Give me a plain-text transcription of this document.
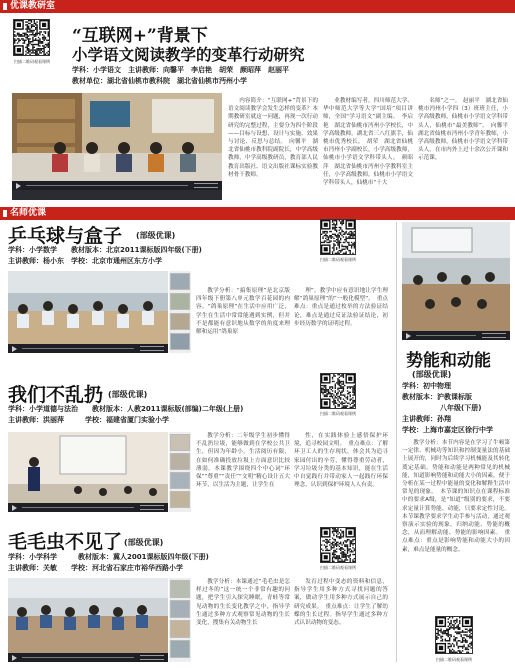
优课教研室
扫描二维码观看课例
“互联网+”背景下
小学语文阅读教学的变革行动研究
学科：小学语文　主讲教师：向馨平　李启艳　胡荣　颜昭萍　赵丽平
教材单位：湖北省仙桃市教科院　湖北省仙桃市沔州小学

内容简介：“互联网+”背景下的语文阅读教学会发生怎样的变革？本期教研室就这一问题，再现一次行动研究的完整过程，主要分为四个阶段——目标与设想、设计与实施、效果与讨论、反思与总结。　向馨平　湖北省仙桃市教科院副院长，中学高级教师，中学高级教研员，教育部人民教育出版社、语文出版社课标实验教材骨干教师。

业教材编写者，四川师范大学、华中师范大学等大学“国培”项目讲师，全国“学习语文”副主编。　李启艳　湖北省仙桃市沔州小学校长，中学高级教师。湖北省三八红旗手，仙桃市优秀校长。　胡荣　湖北省仙桃市沔州小学副校长，小学高级教师，仙桃市小学语文学科带头人。　颜昭萍　湖北省仙桃市沔州小学教科室主任，小学高级教师，仙桃市小学语文学科带头人，仙桃市“十大

名师”之一。　赵丽平　湖北省仙桃市沔州小学四（3）班班主任，小学高级教师，仙桃市小学语文学科带头人，仙桃市“最美教师”。　向馨平　湖北省仙桃市沔州小学青年教师，小学高级教师，仙桃市小学语文学科带头人，在市内外上过十余次公开课和示范课。

名师优课
乒乓球与盒子 (部级优课)
学科：小学数学　　教材版本：北京2011课标版四年级(下册)
主讲教师：杨小东　学校：北京市通州区东方小学	扫描二维码观看课例

教学分析：“搞集原理”是北京版四年级下册第八单元数学百花园的内容。“鸽巢原理”在生活中应用广泛，学生在生活中常常能遇到实例，但并不是都能有意识地从数学的角度来理解和运用“鸽巢原

理”。教学中应有意识地让学生理解“鸽巢原理”的“一般化模型”。　重点难点：重点是通过枚举的方法验证结论，难点是通过反证法验证结论，初步经历数学的证明过程。

我们不乱扔 (部级优课)
学科：小学道德与法治　　教材版本：人教2011课标版(部编)二年级(上册)
主讲教师：洪丽萍　　　学校：福建省厦门实验小学
扫描二维码观看课例

教学分析：二年级学生初步懂得不乱扔垃圾，能够做到在学校公共卫生，但因为年龄小，生活阅历有限，在如何准确投放垃圾上方面意识比较薄弱。本课教学围绕四个中心词“环保”“尊重”“责任”“文明”精心设计五大环节，以生活为主题，让学生在

性，在实践体验上感悟保护环境，追寻校园文明。　重点难点：了解环卫工人的生存现状，体会其为追寻家园付出的辛劳，懂得尊重劳动者，学习垃圾分类的基本知识，能在生活中自觉践行并带动家人一起践行环保理念，认识到保护环境人人有责。

毛毛虫不见了 (部级优课)
学科：小学科学　　　教材版本：冀人2001课标版四年级(下册)
主讲教师：关敏　　学校：河北省石家庄市裕华西路小学	扫描二维码观看课例

教学分析：本课通过“毛毛虫是怎样过冬的”这一统一个非常有趣的问题，把学生引入探究睡眠，青蛙等常见动物的生长变化教学之中，指导学生通过多种方式观察常见动物的生长变化，搜集有关动物生长

发育过程中变态的资料和信息，指导学生用多种方式寻找问题的答案，做动学生用多种方式展示自己的研究成果。　重点难点：让学生了解幼蝶的生长过程。指导学生通过多种方式认识动物的变态。

势能和动能
(部级优课)
学科：初中物理
教材版本：沪教课标版
八年级(下册)
主讲教师：孙翔
学校：上海市嘉定区徐行中学

教学分析：本节内容是在学习了牛顿第一定律、机械功等知识和控制变量法的基础上展开的，同时为后续学习机械能及其转化奠定基础。势能和动能是两种常见的机械能，知道影响势能和动能大小的因素，便于分析在某一过程中能量的变化和解释生活中常见的现象。　本节课的知识点在课程标准中的要求A级，是“知道”级别的要求，不要求定量计算势能、动能，只要求定性讨论。本节课教学要求学生动手参与活动，通过观察演示实验的现象，归纳动能、势能的概念，从而理解动能、势能的影响因素。　重点难点：重点是影响势能和动能大小的因素，难点是能量的概念。

扫描二维码观看课例
